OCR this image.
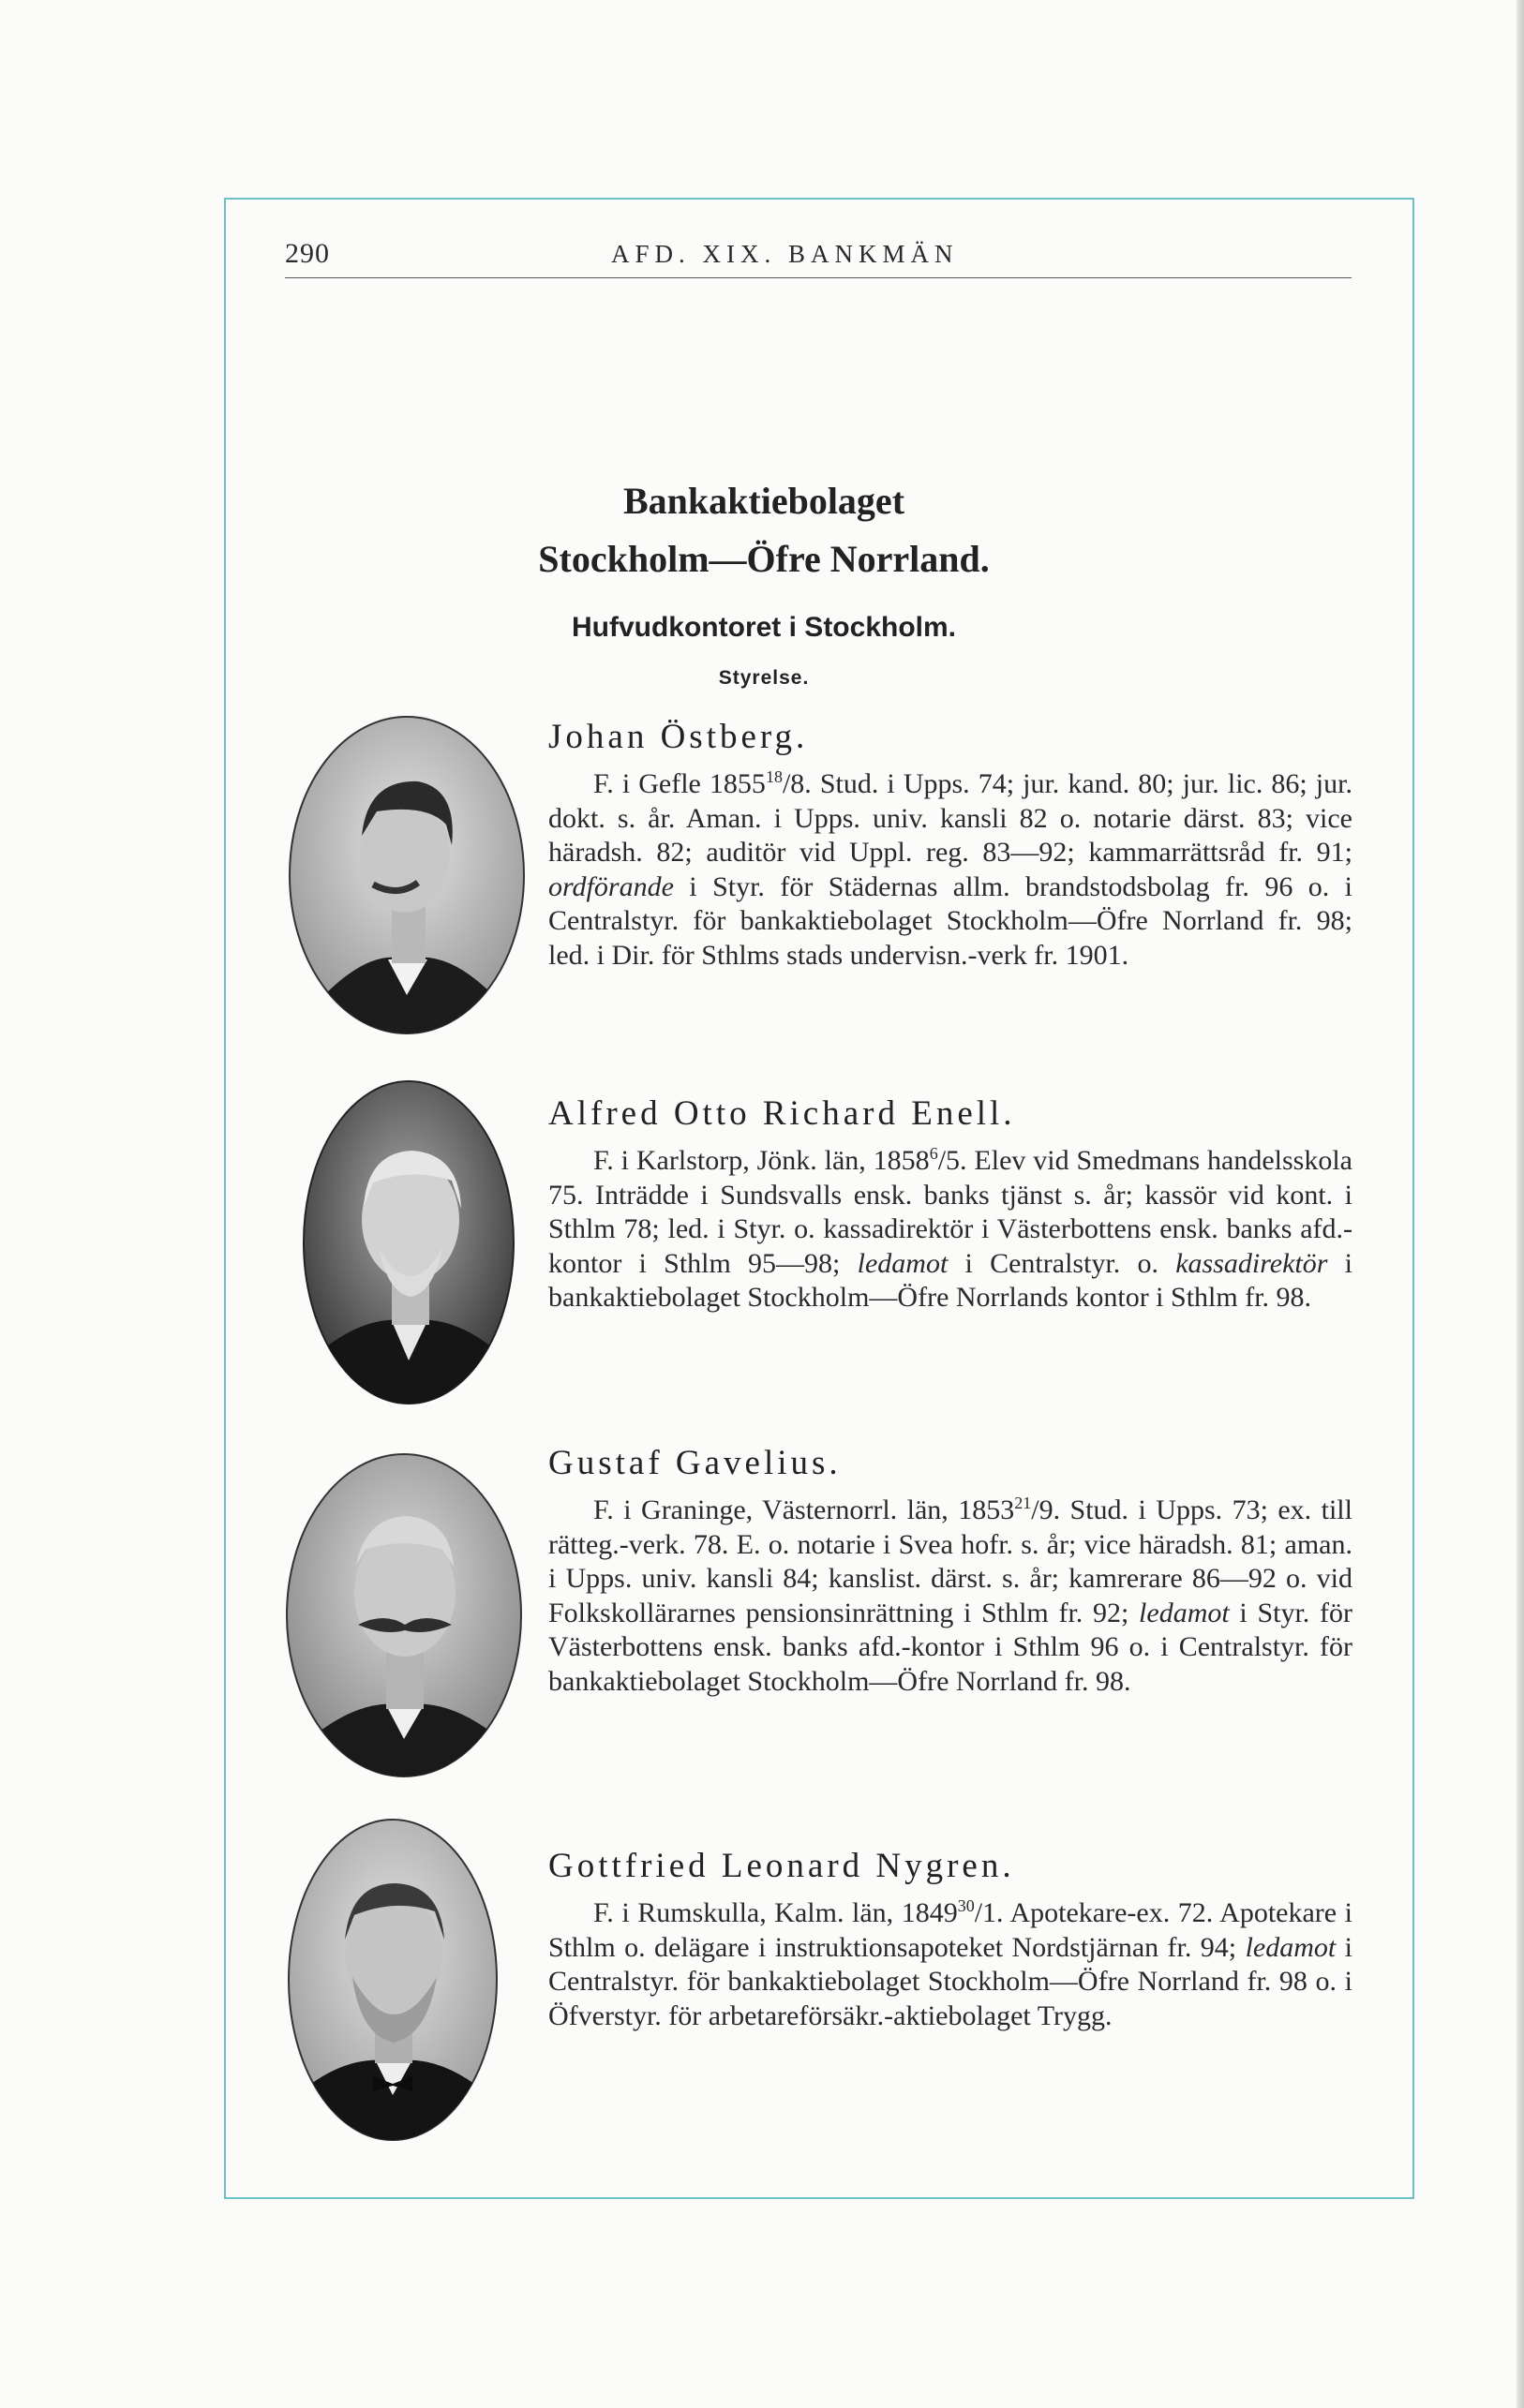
290	AFD. XIX. BANKMÄN
Bankaktiebolaget
Stockholm—Öfre Norrland.
Hufvudkontoret i Stockholm.
Styrelse.
Johan Östberg.

F. i Gefle 1855$^{18}$/8. Stud. i Upps. 74; jur. kand. 80; jur. lic. 86; jur. dokt. s. år. Aman. i Upps. univ. kansli 82 o. notarie därst. 83; vice häradsh. 82; auditör vid Uppl. reg. 83—92; kammarrättsråd fr. 91; ordförande i Styr. för Städernas allm. brandstodsbolag fr. 96 o. i Centralstyr. för bankaktiebolaget Stockholm—Öfre Norrland fr. 98; led. i Dir. för Sthlms stads undervisn.-verk fr. 1901.

Alfred Otto Richard Enell.

F. i Karlstorp, Jönk. län, 1858$^6$/5. Elev vid Smedmans handelsskola 75. Inträdde i Sundsvalls ensk. banks tjänst s. år; kassör vid kont. i Sthlm 78; led. i Styr. o. kassadirektör i Västerbottens ensk. banks afd.-kontor i Sthlm 95—98; ledamot i Centralstyr. o. kassadirektör i bankaktiebolaget Stockholm—Öfre Norrlands kontor i Sthlm fr. 98.

Gustaf Gavelius.

F. i Graninge, Västernorrl. län, 1853$^{21}$/9. Stud. i Upps. 73; ex. till rätteg.-verk. 78. E. o. notarie i Svea hofr. s. år; vice häradsh. 81; aman. i Upps. univ. kansli 84; kanslist. därst. s. år; kamrerare 86—92 o. vid Folkskollärarnes pensionsinrättning i Sthlm fr. 92; ledamot i Styr. för Västerbottens ensk. banks afd.-kontor i Sthlm 96 o. i Centralstyr. för bankaktiebolaget Stockholm—Öfre Norrland fr. 98.

Gottfried Leonard Nygren.

F. i Rumskulla, Kalm. län, 1849$^{30}$/1. Apotekare-ex. 72. Apotekare i Sthlm o. delägare i instruktionsapoteket Nordstjärnan fr. 94; ledamot i Centralstyr. för bankaktiebolaget Stockholm—Öfre Norrland fr. 98 o. i Öfverstyr. för arbetareförsäkr.-aktiebolaget Trygg.
